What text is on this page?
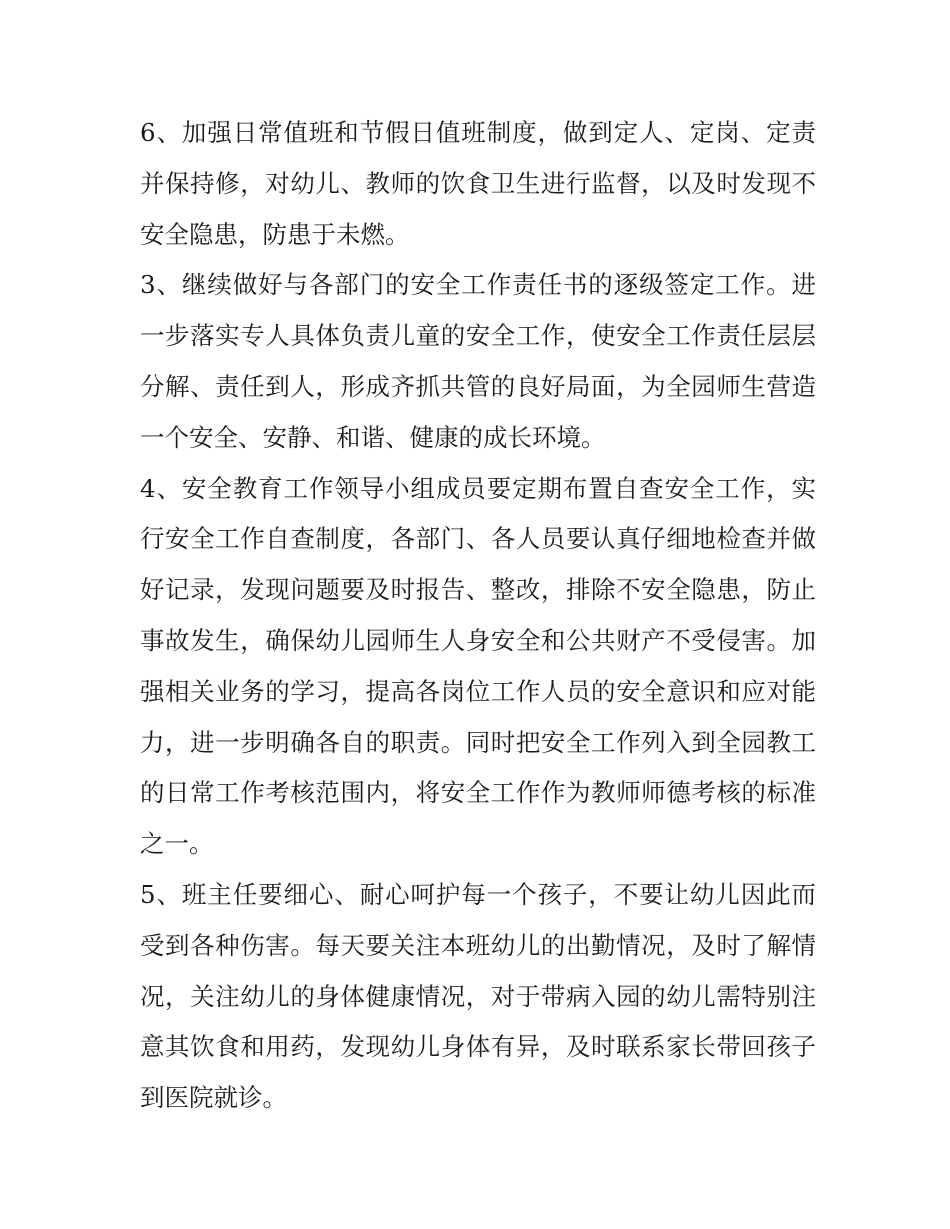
6、加强日常值班和节假日值班制度，做到定人、定岗、定责并保持修，对幼儿、教师的饮食卫生进行监督，以及时发现不安全隐患，防患于未燃。

3、继续做好与各部门的安全工作责任书的逐级签定工作。进一步落实专人具体负责儿童的安全工作，使安全工作责任层层分解、责任到人，形成齐抓共管的良好局面，为全园师生营造一个安全、安静、和谐、健康的成长环境。

4、安全教育工作领导小组成员要定期布置自查安全工作，实行安全工作自查制度，各部门、各人员要认真仔细地检查并做好记录，发现问题要及时报告、整改，排除不安全隐患，防止事故发生，确保幼儿园师生人身安全和公共财产不受侵害。加强相关业务的学习，提高各岗位工作人员的安全意识和应对能力，进一步明确各自的职责。同时把安全工作列入到全园教工的日常工作考核范围内，将安全工作作为教师师德考核的标准之一。

5、班主任要细心、耐心呵护每一个孩子，不要让幼儿因此而受到各种伤害。每天要关注本班幼儿的出勤情况，及时了解情况，关注幼儿的身体健康情况，对于带病入园的幼儿需特别注意其饮食和用药，发现幼儿身体有异，及时联系家长带回孩子到医院就诊。
